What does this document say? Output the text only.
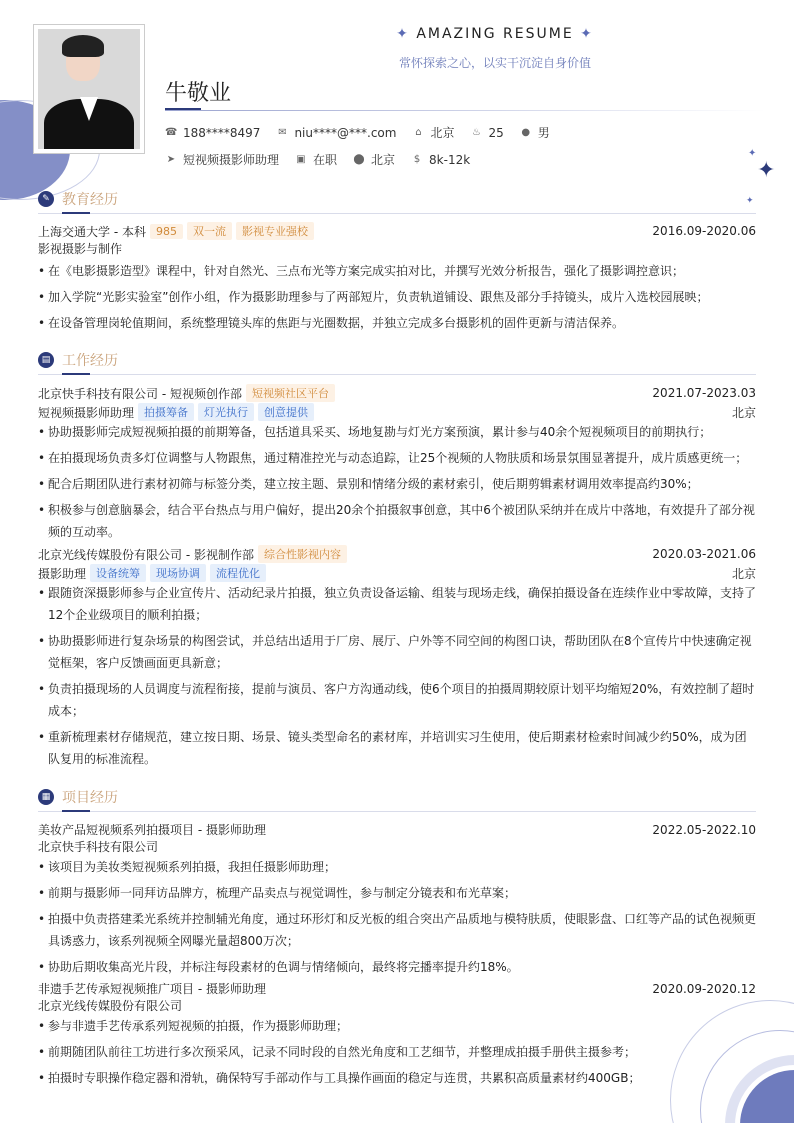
✦
✦
✦
✦ AMAZING RESUME ✦
常怀探索之心，以实干沉淀自身价值
牛敬业
☎ 188****8497 ✉ niu****@***.com ⌂ 北京 ♨ 25 ● 男
➤ 短视频摄影师助理 ▣ 在职 ⬤ 北京 $ 8k-12k
✎ 教育经历
上海交通大学 - 本科 985	双一流	影视专业强校	2016.09-2020.06
影视摄影与制作
• 在《电影摄影造型》课程中，针对自然光、三点布光等方案完成实拍对比，并撰写光效分析报告，强化了摄影调控意识；
• 加入学院“光影实验室”创作小组，作为摄影助理参与了两部短片，负责轨道铺设、跟焦及部分手持镜头，成片入选校园展映；
• 在设备管理岗轮值期间，系统整理镜头库的焦距与光圈数据，并独立完成多台摄影机的固件更新与清洁保养。
▤ 工作经历
北京快手科技有限公司 - 短视频创作部 短视频社区平台	2021.07-2023.03
短视频摄影师助理 拍摄筹备	灯光执行	创意提供	北京
• 协助摄影师完成短视频拍摄的前期筹备，包括道具采买、场地复勘与灯光方案预演，累计参与40余个短视频项目的前期执行；
• 在拍摄现场负责多灯位调整与人物跟焦，通过精准控光与动态追踪，让25个视频的人物肤质和场景氛围显著提升，成片质感更统一；
• 配合后期团队进行素材初筛与标签分类，建立按主题、景别和情绪分级的素材索引，使后期剪辑素材调用效率提高约30%；
• 积极参与创意脑暴会，结合平台热点与用户偏好，提出20余个拍摄叙事创意，其中6个被团队采纳并在成片中落地，有效提升了部分视频的互动率。
北京光线传媒股份有限公司 - 影视制作部 综合性影视内容	2020.03-2021.06
摄影助理 设备统筹	现场协调	流程优化	北京
• 跟随资深摄影师参与企业宣传片、活动纪录片拍摄，独立负责设备运输、组装与现场走线，确保拍摄设备在连续作业中零故障，支持了12个企业级项目的顺利拍摄；
• 协助摄影师进行复杂场景的构图尝试，并总结出适用于厂房、展厅、户外等不同空间的构图口诀，帮助团队在8个宣传片中快速确定视觉框架，客户反馈画面更具新意；
• 负责拍摄现场的人员调度与流程衔接，提前与演员、客户方沟通动线，使6个项目的拍摄周期较原计划平均缩短20%，有效控制了超时成本；
• 重新梳理素材存储规范，建立按日期、场景、镜头类型命名的素材库，并培训实习生使用，使后期素材检索时间减少约50%，成为团队复用的标准流程。
▦ 项目经历
美妆产品短视频系列拍摄项目 - 摄影师助理	2022.05-2022.10
北京快手科技有限公司
• 该项目为美妆类短视频系列拍摄，我担任摄影师助理；
• 前期与摄影师一同拜访品牌方，梳理产品卖点与视觉调性，参与制定分镜表和布光草案；
• 拍摄中负责搭建柔光系统并控制辅光角度，通过环形灯和反光板的组合突出产品质地与模特肤质，使眼影盘、口红等产品的试色视频更具诱惑力，该系列视频全网曝光量超800万次；
• 协助后期收集高光片段，并标注每段素材的色调与情绪倾向，最终将完播率提升约18%。
非遗手艺传承短视频推广项目 - 摄影师助理	2020.09-2020.12
北京光线传媒股份有限公司
• 参与非遗手艺传承系列短视频的拍摄，作为摄影师助理；
• 前期随团队前往工坊进行多次预采风，记录不同时段的自然光角度和工艺细节，并整理成拍摄手册供主摄参考；
• 拍摄时专职操作稳定器和滑轨，确保特写手部动作与工具操作画面的稳定与连贯，共累积高质量素材约400GB；
